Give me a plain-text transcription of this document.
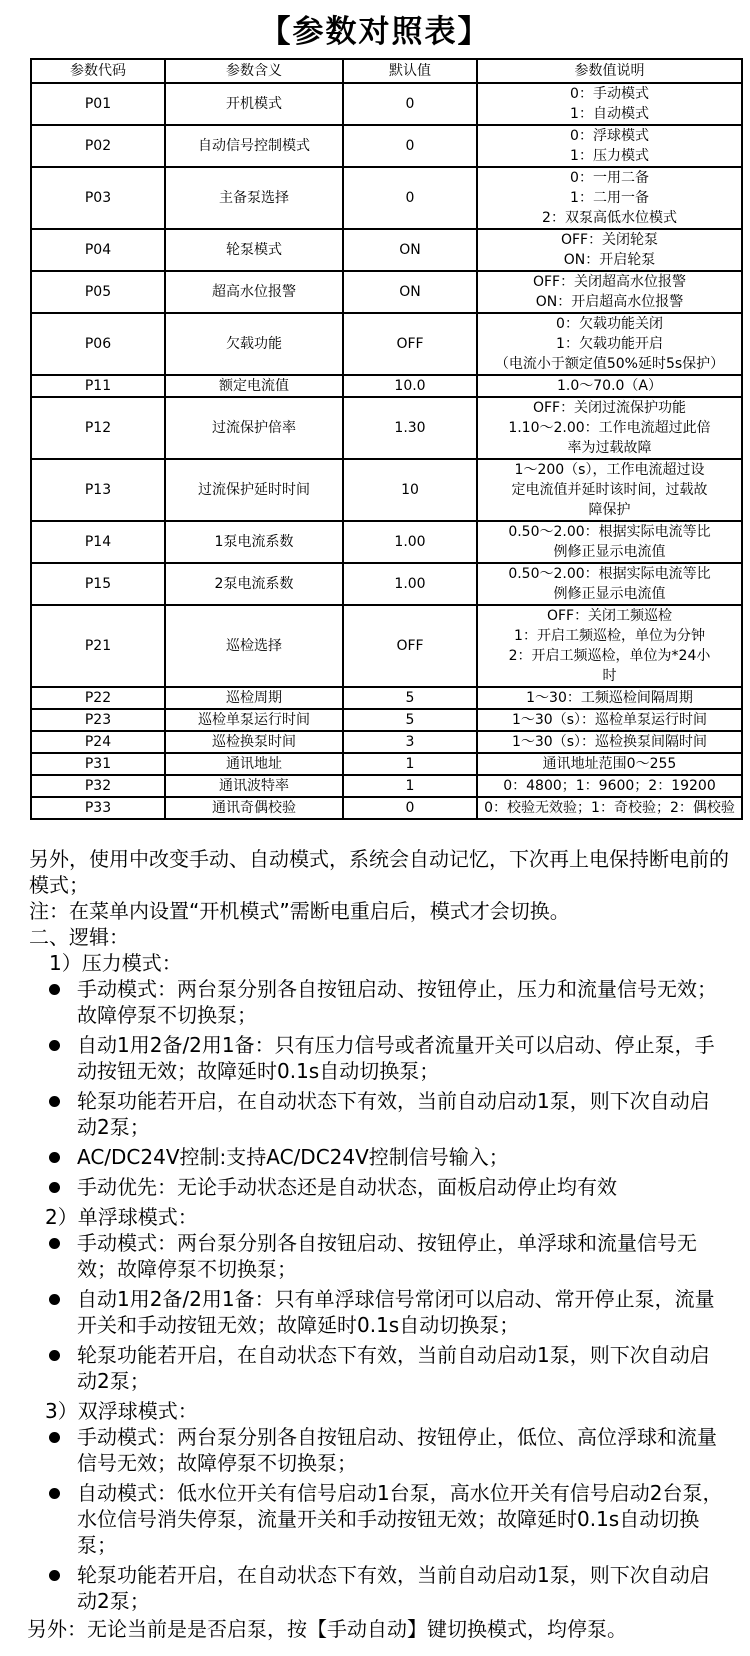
【参数对照表】
参数代码	参数含义	默认值	参数值说明
P01	开机模式	0	0：手动模式
1：自动模式

P02	自动信号控制模式	0	0：浮球模式
1：压力模式

P03	主备泵选择	0	0：一用二备
1：二用一备
2：双泵高低水位模式

P04	轮泵模式	ON	OFF：关闭轮泵
ON：开启轮泵

P05	超高水位报警	ON	OFF：关闭超高水位报警
ON：开启超高水位报警

P06	欠载功能	OFF	0：欠载功能关闭
1：欠载功能开启
（电流小于额定值50%延时5s保护）

P11	额定电流值	10.0	1.0～70.0（A）

P12	过流保护倍率	1.30	OFF：关闭过流保护功能
1.10～2.00：工作电流超过此倍
率为过载故障

P13	过流保护延时时间	10	1～200（s），工作电流超过设
定电流值并延时该时间，过载故
障保护

P14	1泵电流系数	1.00	0.50～2.00：根据实际电流等比
例修正显示电流值

P15	2泵电流系数	1.00	0.50～2.00：根据实际电流等比
例修正显示电流值

P21	巡检选择	OFF	OFF：关闭工频巡检
1：开启工频巡检，单位为分钟
2：开启工频巡检，单位为*24小
时

P22	巡检周期	5	1～30：工频巡检间隔周期

P23	巡检单泵运行时间	5	1～30（s）：巡检单泵运行时间

P24	巡检换泵时间	3	1～30（s）：巡检换泵间隔时间

P31	通讯地址	1	通讯地址范围0～255

P32	通讯波特率	1	0：4800；1：9600；2：19200

P33	通讯奇偶校验	0	0：校验无效验；1：奇校验；2：偶校验

另外，使用中改变手动、自动模式，系统会自动记忆，下次再上电保持断电前的模式；

注：在菜单内设置“开机模式”需断电重启后，模式才会切换。

二、逻辑：

1）压力模式：

手动模式：两台泵分别各自按钮启动、按钮停止，压力和流量信号无效；故障停泵不切换泵；
自动1用2备/2用1备：只有压力信号或者流量开关可以启动、停止泵，手动按钮无效；故障延时0.1s自动切换泵；
轮泵功能若开启，在自动状态下有效，当前自动启动1泵，则下次自动启动2泵；
AC/DC24V控制:支持AC/DC24V控制信号输入；
手动优先：无论手动状态还是自动状态，面板启动停止均有效

2）单浮球模式：

手动模式：两台泵分别各自按钮启动、按钮停止，单浮球和流量信号无效；故障停泵不切换泵；
自动1用2备/2用1备：只有单浮球信号常闭可以启动、常开停止泵，流量开关和手动按钮无效；故障延时0.1s自动切换泵；
轮泵功能若开启，在自动状态下有效，当前自动启动1泵，则下次自动启动2泵；

3）双浮球模式：

手动模式：两台泵分别各自按钮启动、按钮停止，低位、高位浮球和流量信号无效；故障停泵不切换泵；
自动模式：低水位开关有信号启动1台泵，高水位开关有信号启动2台泵，水位信号消失停泵，流量开关和手动按钮无效；故障延时0.1s自动切换泵；
轮泵功能若开启，在自动状态下有效，当前自动启动1泵，则下次自动启动2泵；
另外：无论当前是是否启泵，按【手动自动】键切换模式，均停泵。
